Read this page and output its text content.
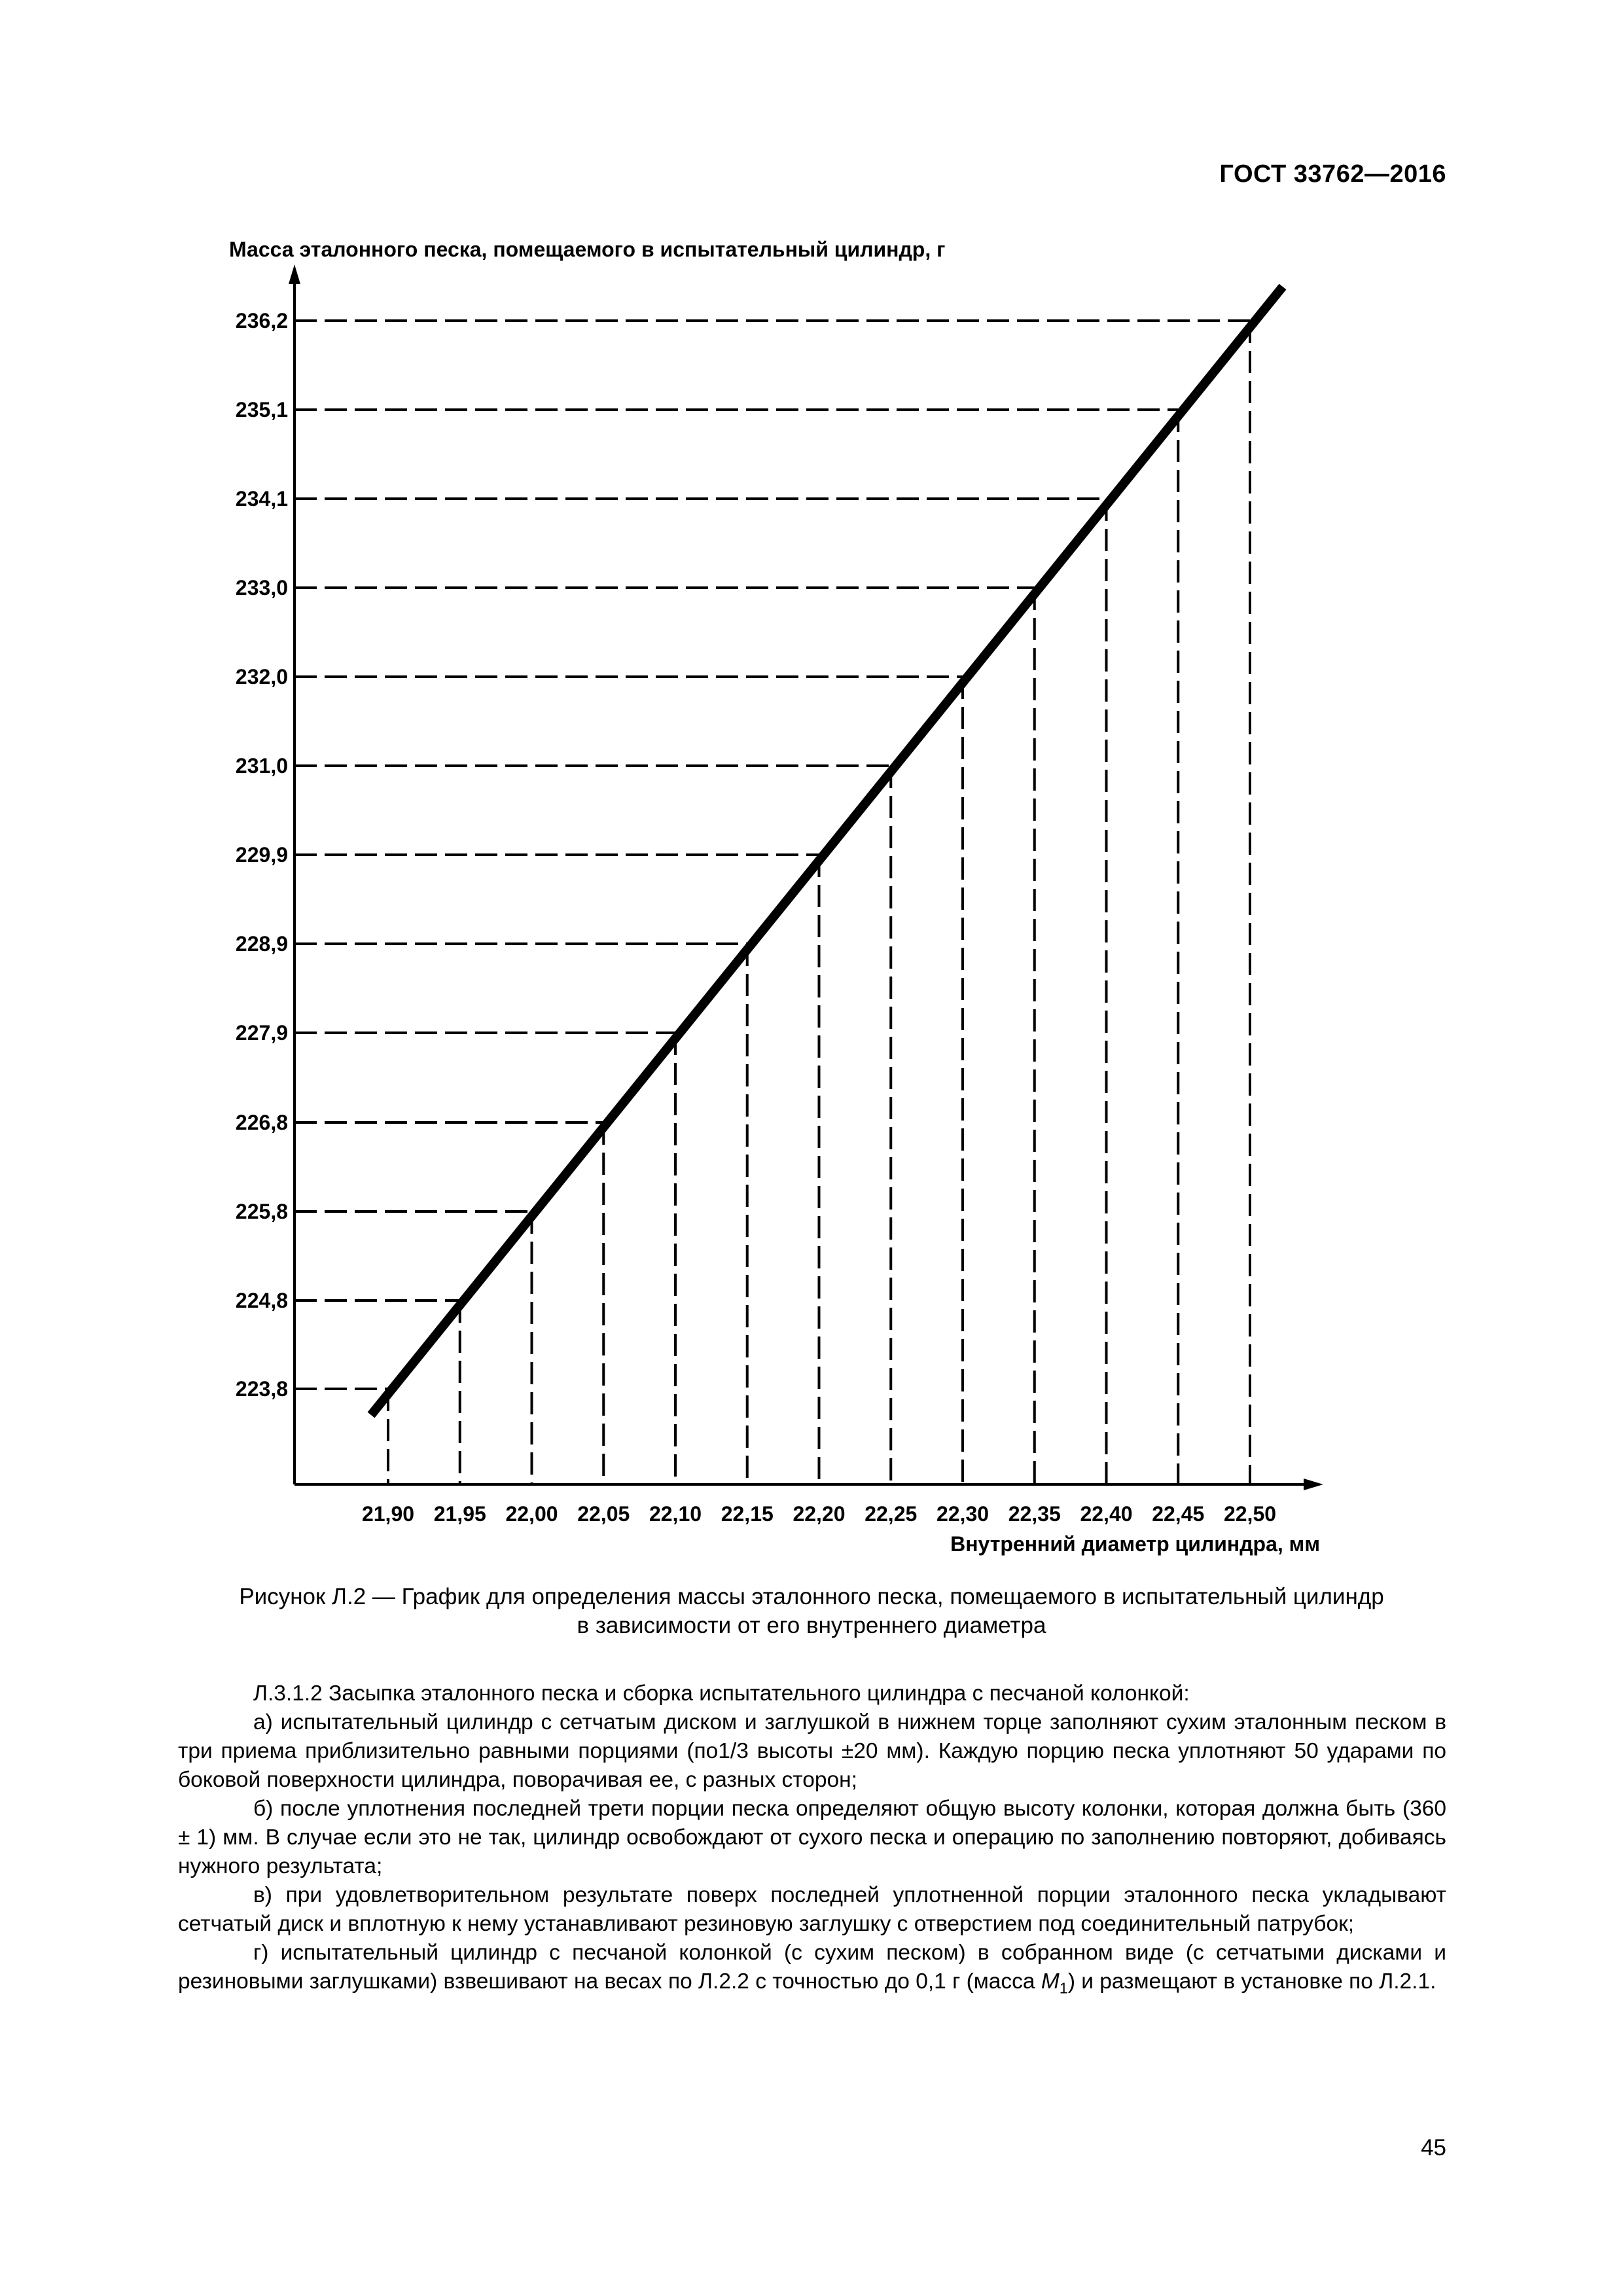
ГОСТ 33762—2016
21,90
223,8
21,95
224,8
22,00
225,8
22,05
226,8
22,10
227,9
22,15
228,9
22,20
229,9
22,25
231,0
22,30
232,0
22,35
233,0
22,40
234,1
22,45
235,1
22,50
236,2
Масса эталонного песка, помещаемого в испытательный цилиндр, г
Внутренний диаметр цилиндра, мм
Рисунок Л.2 — График для определения массы эталонного песка, помещаемого в испытательный цилиндр
в зависимости от его внутреннего диаметра

Л.3.1.2 Засыпка эталонного песка и сборка испытательного цилиндра с песчаной колонкой:

а) испытательный цилиндр с сетчатым диском и заглушкой в нижнем торце заполняют сухим эталонным песком в три приема приблизительно равными порциями (по1/3 высоты ±20 мм). Каждую порцию песка уплотняют 50 ударами по боковой поверхности цилиндра, поворачивая ее, с разных сторон;

б) после уплотнения последней трети порции песка определяют общую высоту колонки, которая должна быть (360 ± 1) мм. В случае если это не так, цилиндр освобождают от сухого песка и операцию по заполнению повторяют, добиваясь нужного результата;

в) при удовлетворительном результате поверх последней уплотненной порции эталонного песка укладывают сетчатый диск и вплотную к нему устанавливают резиновую заглушку с отверстием под соединительный патрубок;

г) испытательный цилиндр с песчаной колонкой (с сухим песком) в собранном виде (с сетчатыми дисками и резиновыми заглушками) взвешивают на весах по Л.2.2 с точностью до 0,1 г (масса $M_1$) и размещают в установке по Л.2.1.

45
